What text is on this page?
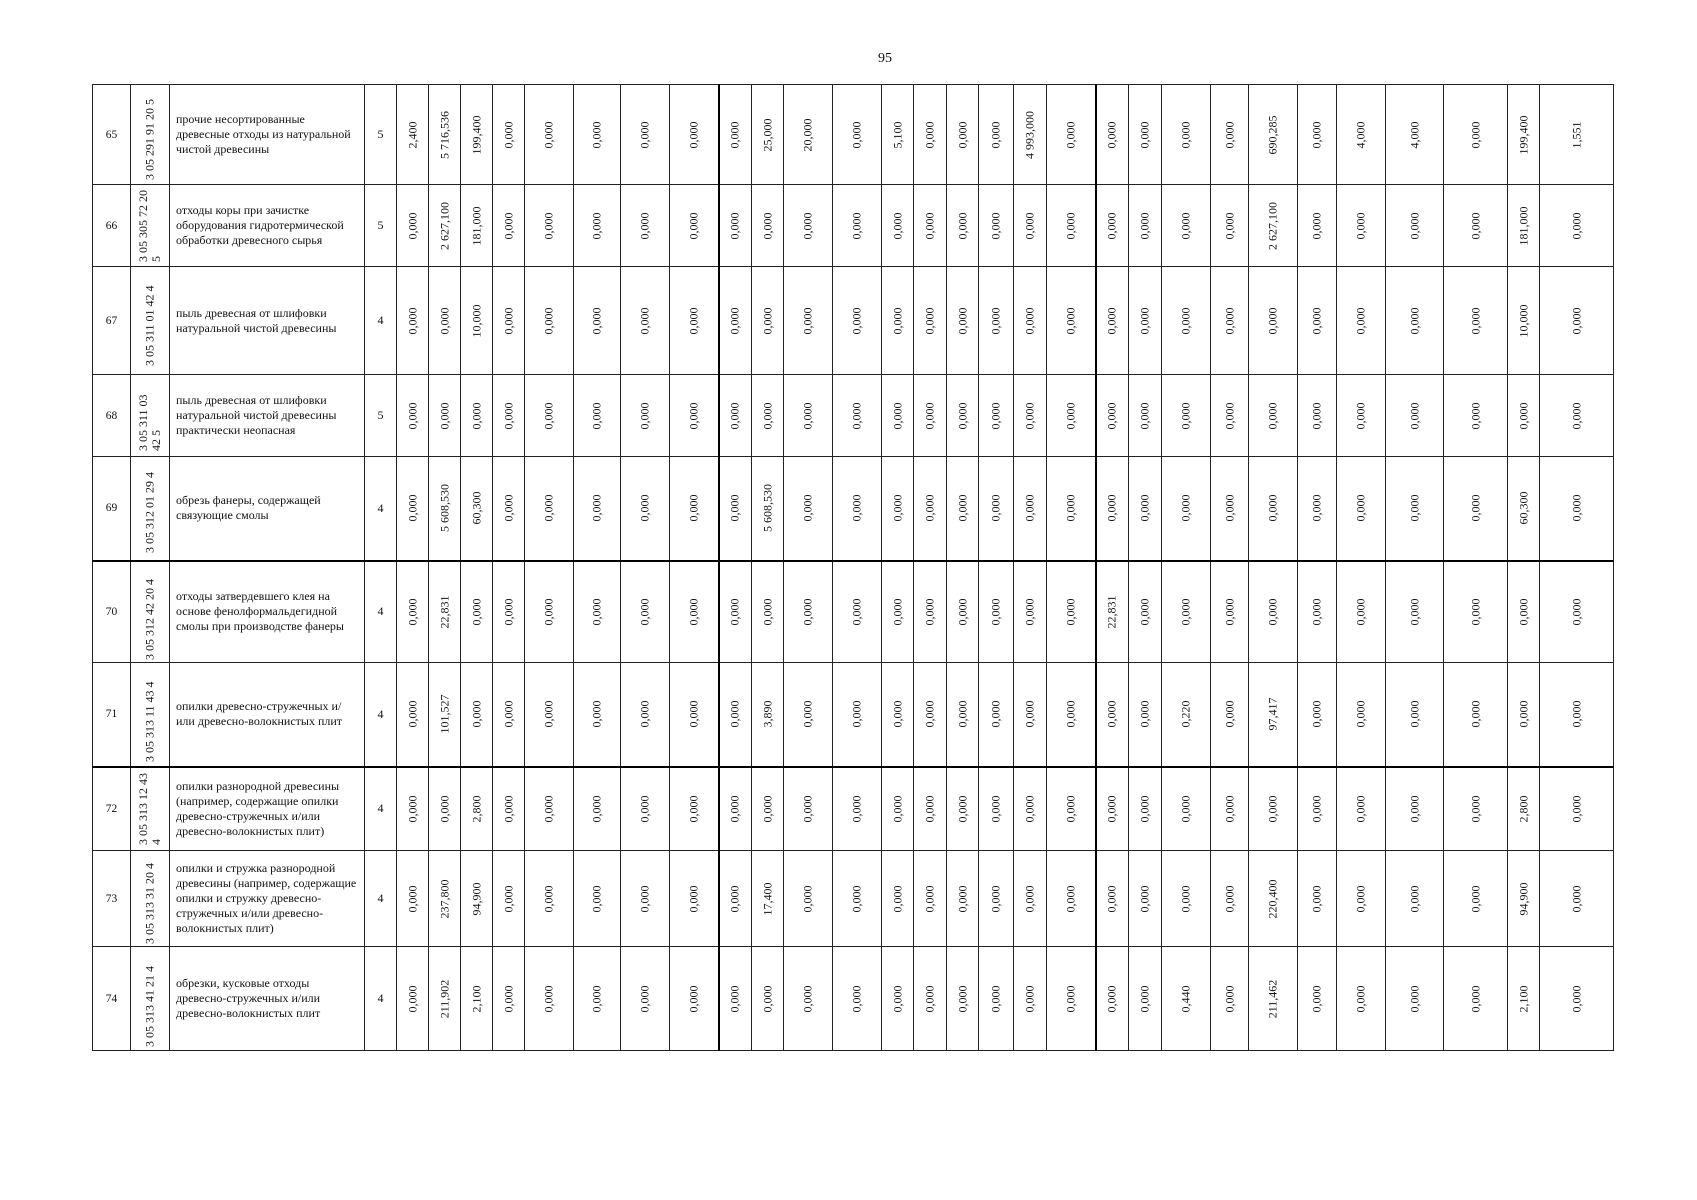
95
65	3 05 291 91 20 5	прочие несортированные древесные отходы из натуральной чистой древесины	5	2,400	5 716,536	199,400	0,000	0,000	0,000	0,000	0,000	0,000	25,000	20,000	0,000	5,100	0,000	0,000	0,000	4 993,000	0,000	0,000	0,000	0,000	0,000	690,285	0,000	4,000	4,000	0,000	199,400	1,551

66	3 05 305 72 20 5	отходы коры при зачистке оборудования гидротермической обработки древесного сырья	5	0,000	2 627,100	181,000	0,000	0,000	0,000	0,000	0,000	0,000	0,000	0,000	0,000	0,000	0,000	0,000	0,000	0,000	0,000	0,000	0,000	0,000	0,000	2 627,100	0,000	0,000	0,000	0,000	181,000	0,000

67	3 05 311 01 42 4	пыль древесная от шлифовки натуральной чистой древесины	4	0,000	0,000	10,000	0,000	0,000	0,000	0,000	0,000	0,000	0,000	0,000	0,000	0,000	0,000	0,000	0,000	0,000	0,000	0,000	0,000	0,000	0,000	0,000	0,000	0,000	0,000	0,000	10,000	0,000

68	3 05 311 03 42 5	пыль древесная от шлифовки натуральной чистой древесины практически неопасная	5	0,000	0,000	0,000	0,000	0,000	0,000	0,000	0,000	0,000	0,000	0,000	0,000	0,000	0,000	0,000	0,000	0,000	0,000	0,000	0,000	0,000	0,000	0,000	0,000	0,000	0,000	0,000	0,000	0,000

69	3 05 312 01 29 4	обрезь фанеры, содержащей связующие смолы	4	0,000	5 608,530	60,300	0,000	0,000	0,000	0,000	0,000	0,000	5 608,530	0,000	0,000	0,000	0,000	0,000	0,000	0,000	0,000	0,000	0,000	0,000	0,000	0,000	0,000	0,000	0,000	0,000	60,300	0,000

70	3 05 312 42 20 4	отходы затвердевшего клея на основе фенолформальдегидной смолы при производстве фанеры	4	0,000	22,831	0,000	0,000	0,000	0,000	0,000	0,000	0,000	0,000	0,000	0,000	0,000	0,000	0,000	0,000	0,000	0,000	22,831	0,000	0,000	0,000	0,000	0,000	0,000	0,000	0,000	0,000	0,000

71	3 05 313 11 43 4	опилки древесно-стружечных и/или древесно-волокнистых плит	4	0,000	101,527	0,000	0,000	0,000	0,000	0,000	0,000	0,000	3,890	0,000	0,000	0,000	0,000	0,000	0,000	0,000	0,000	0,000	0,000	0,220	0,000	97,417	0,000	0,000	0,000	0,000	0,000	0,000

72	3 05 313 12 43 4	опилки разнородной древесины (например, содержащие опилки древесно-стружечных и/или древесно-волокнистых плит)	4	0,000	0,000	2,800	0,000	0,000	0,000	0,000	0,000	0,000	0,000	0,000	0,000	0,000	0,000	0,000	0,000	0,000	0,000	0,000	0,000	0,000	0,000	0,000	0,000	0,000	0,000	0,000	2,800	0,000

73	3 05 313 31 20 4	опилки и стружка разнородной древесины (например, содержащие опилки и стружку древесно-стружечных и/или древесно-волокнистых плит)	4	0,000	237,800	94,900	0,000	0,000	0,000	0,000	0,000	0,000	17,400	0,000	0,000	0,000	0,000	0,000	0,000	0,000	0,000	0,000	0,000	0,000	0,000	220,400	0,000	0,000	0,000	0,000	94,900	0,000

74	3 05 313 41 21 4	обрезки, кусковые отходы древесно-стружечных и/или древесно-волокнистых плит	4	0,000	211,902	2,100	0,000	0,000	0,000	0,000	0,000	0,000	0,000	0,000	0,000	0,000	0,000	0,000	0,000	0,000	0,000	0,000	0,000	0,440	0,000	211,462	0,000	0,000	0,000	0,000	2,100	0,000
